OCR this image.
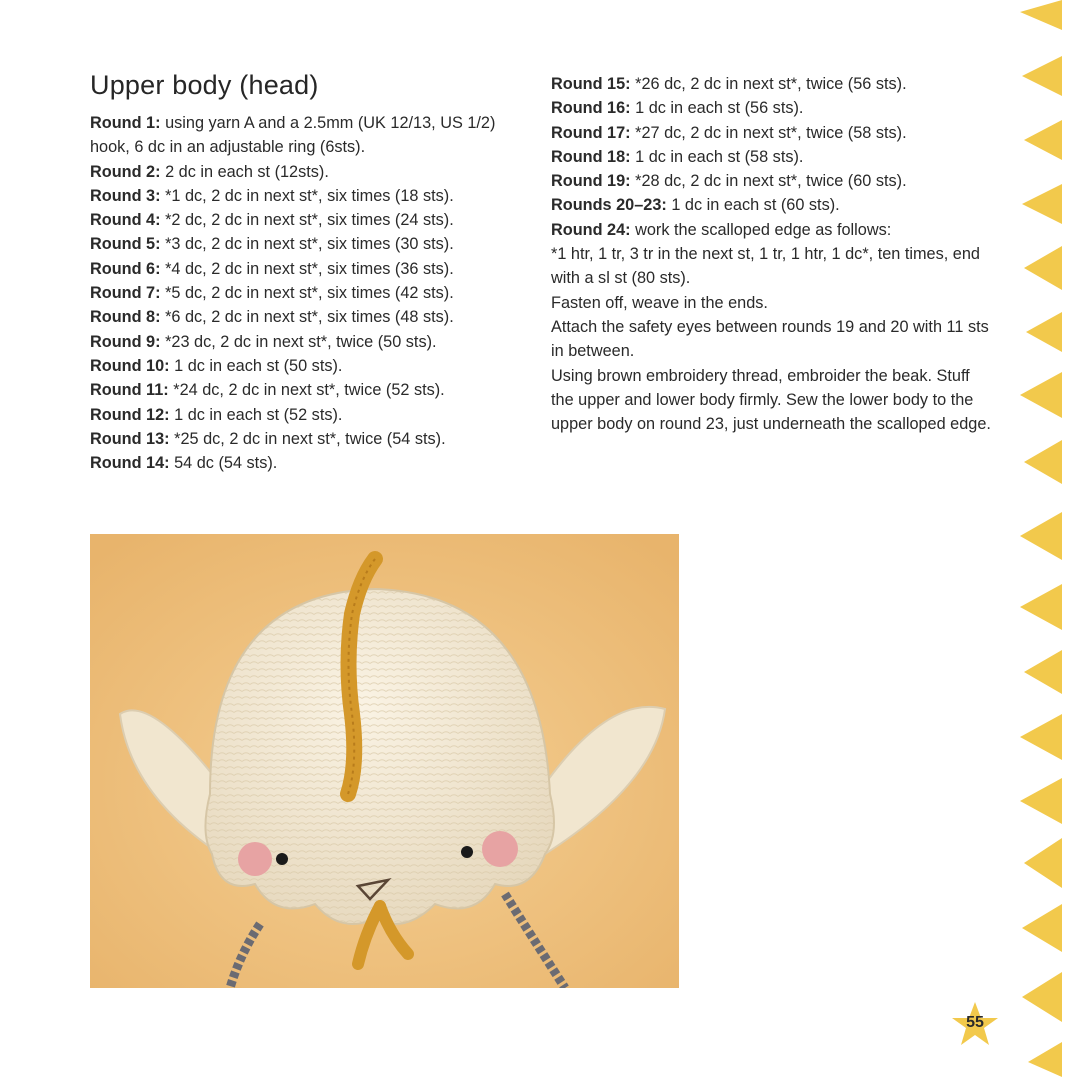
Upper body (head)

Round 1: using yarn A and a 2.5mm (UK 12/13, US 1/2) hook, 6 dc in an adjustable ring (6sts).

Round 2: 2 dc in each st (12sts).

Round 3: *1 dc, 2 dc in next st*, six times (18 sts).

Round 4: *2 dc, 2 dc in next st*, six times (24 sts).

Round 5: *3 dc, 2 dc in next st*, six times (30 sts).

Round 6: *4 dc, 2 dc in next st*, six times (36 sts).

Round 7: *5 dc, 2 dc in next st*, six times (42 sts).

Round 8: *6 dc, 2 dc in next st*, six times (48 sts).

Round 9: *23 dc, 2 dc in next st*, twice (50 sts).

Round 10: 1 dc in each st (50 sts).

Round 11: *24 dc, 2 dc in next st*, twice (52 sts).

Round 12: 1 dc in each st (52 sts).

Round 13: *25 dc, 2 dc in next st*, twice (54 sts).

Round 14: 54 dc (54 sts).

Round 15: *26 dc, 2 dc in next st*, twice (56 sts).

Round 16: 1 dc in each st (56 sts).

Round 17: *27 dc, 2 dc in next st*, twice (58 sts).

Round 18: 1 dc in each st (58 sts).

Round 19: *28 dc, 2 dc in next st*, twice (60 sts).

Rounds 20–23: 1 dc in each st (60 sts).

Round 24: work the scalloped edge as follows:

*1 htr, 1 tr, 3 tr in the next st, 1 tr, 1 htr, 1 dc*, ten times, end with a sl st (80 sts).

Fasten off, weave in the ends.

Attach the safety eyes between rounds 19 and 20 with 11 sts in between.

Using brown embroidery thread, embroider the beak. Stuff the upper and lower body firmly. Sew the lower body to the upper body on round 23, just underneath the scalloped edge.

55
